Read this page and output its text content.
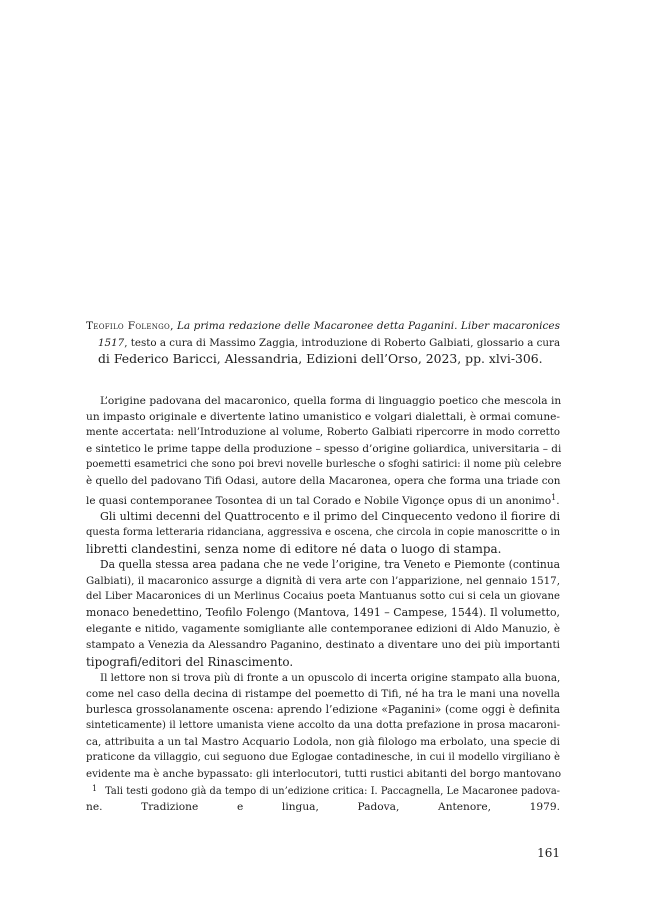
Teofilo Folengo, La prima redazione delle Macaronee detta Paganini. Liber macaronices
1517, testo a cura di Massimo Zaggia, introduzione di Roberto Galbiati, glossario a cura
di Federico Baricci, Alessandria, Edizioni dell’Orso, 2023, pp. xlvi-306.

L’origine padovana del macaronico, quella forma di linguaggio poetico che mescola in
un impasto originale e divertente latino umanistico e volgari dialettali, è ormai comune-
mente accertata: nell’Introduzione al volume, Roberto Galbiati ripercorre in modo corretto
e sintetico le prime tappe della produzione – spesso d’origine goliardica, universitaria – di
poemetti esametrici che sono poi brevi novelle burlesche o sfoghi satirici: il nome più celebre
è quello del padovano Tifi Odasi, autore della Macaronea, opera che forma una triade con
le quasi contemporanee Tosontea di un tal Corado e Nobile Vigonçe opus di un anonimo$^1$.

Gli ultimi decenni del Quattrocento e il primo del Cinquecento vedono il fiorire di
questa forma letteraria ridanciana, aggressiva e oscena, che circola in copie manoscritte o in
libretti clandestini, senza nome di editore né data o luogo di stampa.

Da quella stessa area padana che ne vede l’origine, tra Veneto e Piemonte (continua
Galbiati), il macaronico assurge a dignità di vera arte con l’apparizione, nel gennaio 1517,
del Liber Macaronices di un Merlinus Cocaius poeta Mantuanus sotto cui si cela un giovane
monaco benedettino, Teofilo Folengo (Mantova, 1491 – Campese, 1544). Il volumetto,
elegante e nitido, vagamente somigliante alle contemporanee edizioni di Aldo Manuzio, è
stampato a Venezia da Alessandro Paganino, destinato a diventare uno dei più importanti
tipografi/editori del Rinascimento.

Il lettore non si trova più di fronte a un opuscolo di incerta origine stampato alla buona,
come nel caso della decina di ristampe del poemetto di Tifi, né ha tra le mani una novella
burlesca grossolanamente oscena: aprendo l’edizione «Paganini» (come oggi è definita
sinteticamente) il lettore umanista viene accolto da una dotta prefazione in prosa macaroni-
ca, attribuita a un tal Mastro Acquario Lodola, non già filologo ma erbolato, una specie di
praticone da villaggio, cui seguono due Eglogae contadinesche, in cui il modello virgiliano è
evidente ma è anche bypassato: gli interlocutori, tutti rustici abitanti del borgo mantovano

$^1$ Tali testi godono già da tempo di un’edizione critica: I. Paccagnella, Le Macaronee padova-
ne. Tradizione e lingua, Padova, Antenore, 1979.
161
